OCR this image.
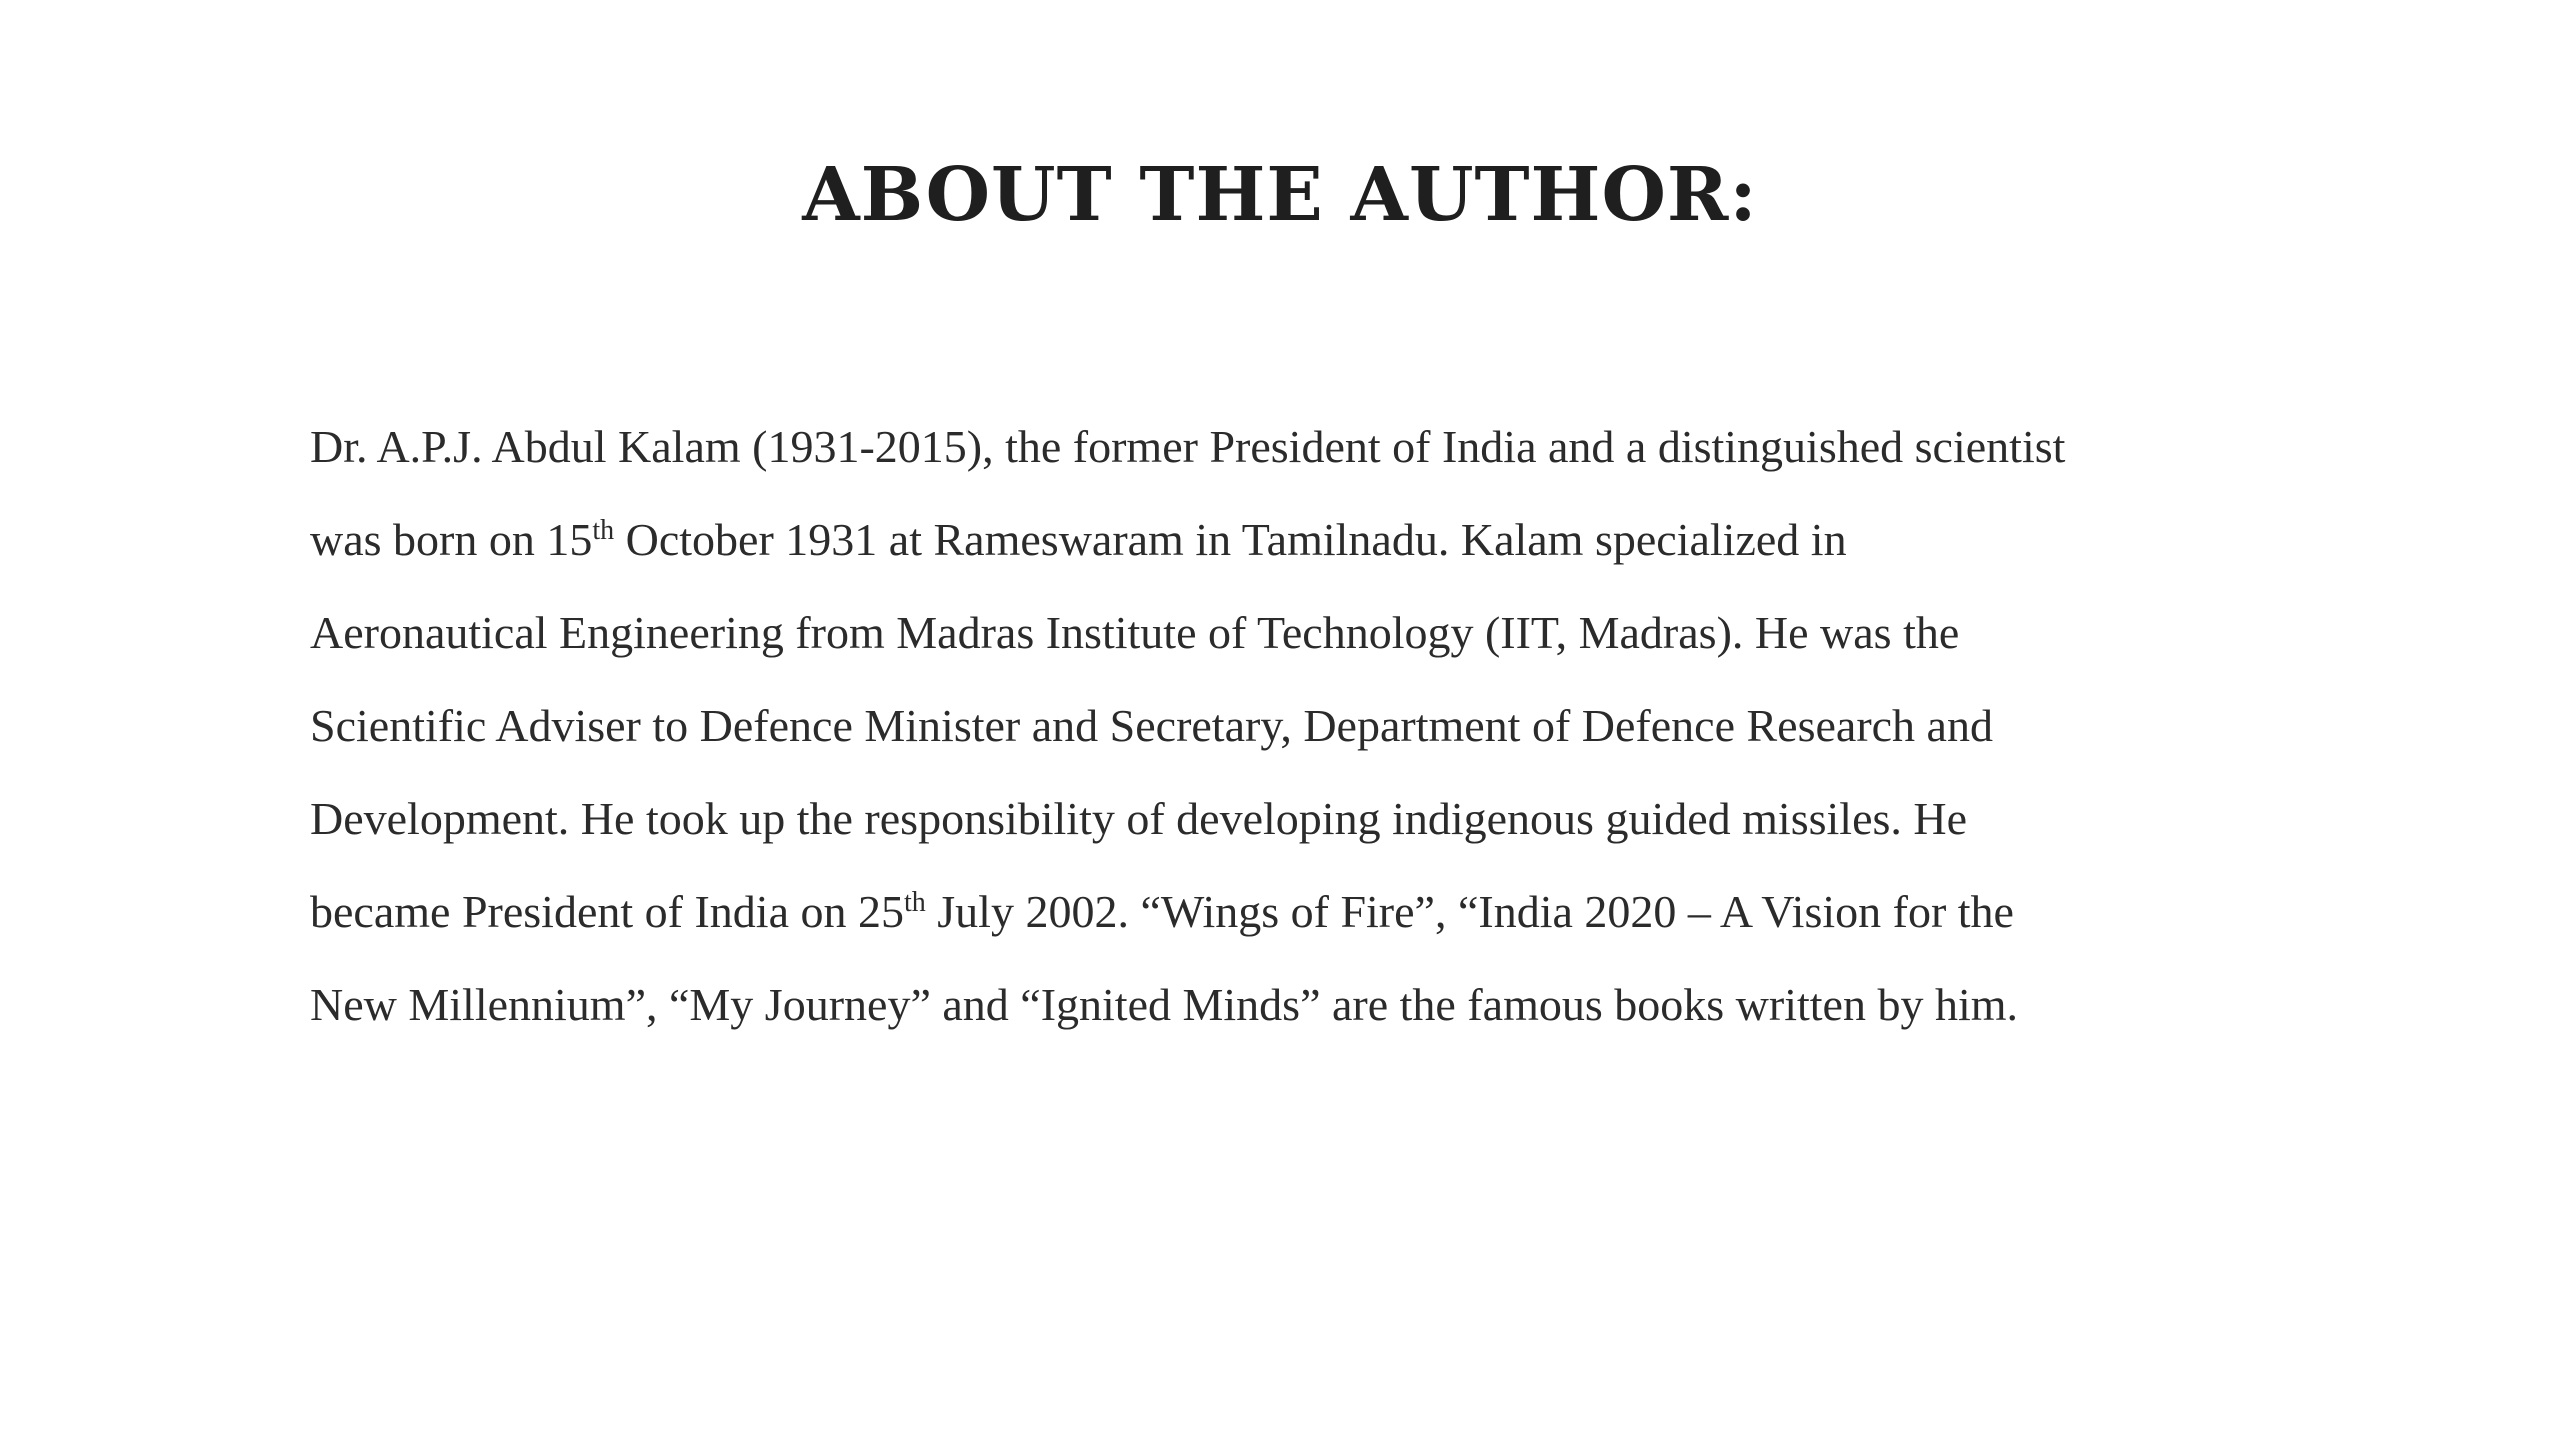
ABOUT THE AUTHOR:
Dr. A.P.J. Abdul Kalam (1931-2015), the former President of India and a distinguished scientist
was born on 15th October 1931 at Rameswaram in Tamilnadu. Kalam specialized in
Aeronautical Engineering from Madras Institute of Technology (IIT, Madras). He was the
Scientific Adviser to Defence Minister and Secretary, Department of Defence Research and
Development. He took up the responsibility of developing indigenous guided missiles. He
became President of India on 25th July 2002. “Wings of Fire”, “India 2020 – A Vision for the
New Millennium”, “My Journey” and “Ignited Minds” are the famous books written by him.
